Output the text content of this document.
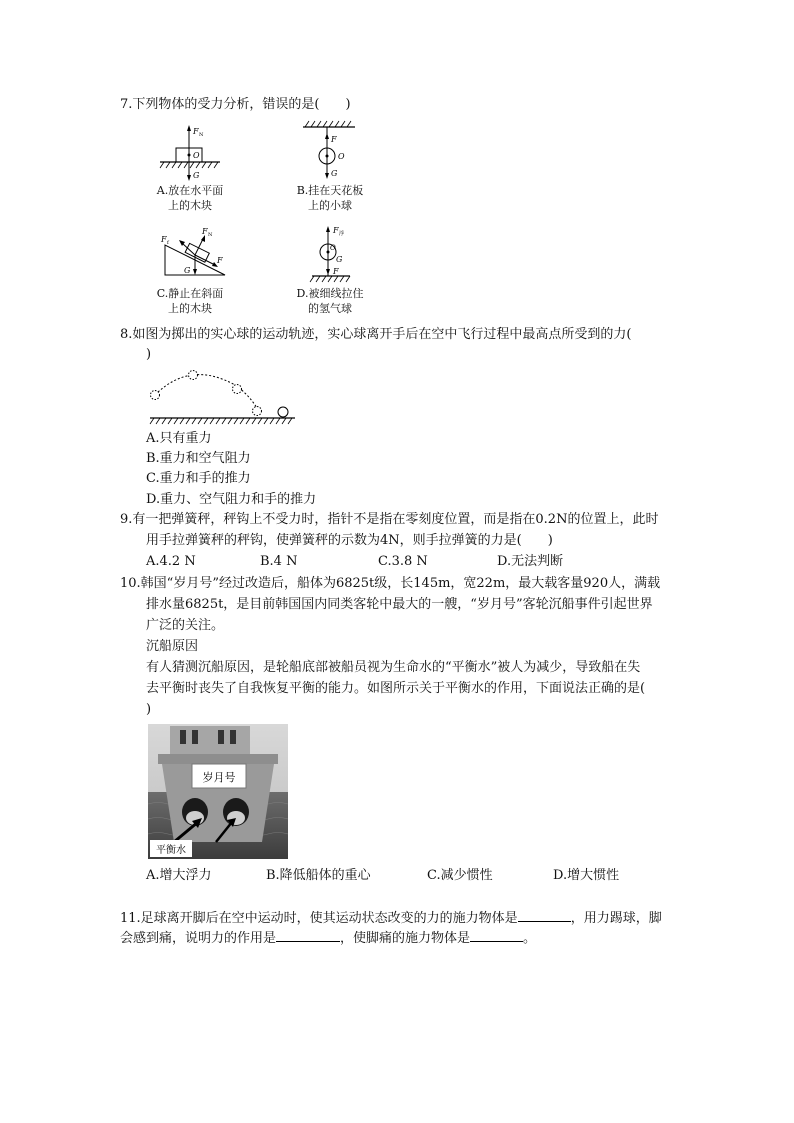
7.下列物体的受力分析，错误的是(　　)
F N
O
G
A.放在水平面
上的木块
F
O
G
B.挂在天花板
上的小球
F f
F N
G
F
C.静止在斜面
上的木块
F 浮
O
G
F
D.被细线拉住
的氢气球
8.如图为掷出的实心球的运动轨迹，实心球离开手后在空中飞行过程中最高点所受到的力(
)
A.只有重力
B.重力和空气阻力
C.重力和手的推力
D.重力、空气阻力和手的推力
9.有一把弹簧秤，秤钩上不受力时，指针不是指在零刻度位置，而是指在0.2N的位置上，此时
用手拉弹簧秤的秤钩，使弹簧秤的示数为4N，则手拉弹簧的力是(　　)
A.4.2 N	B.4 N	C.3.8 N	D.无法判断
10.韩国“岁月号”经过改造后，船体为6825t级，长145m，宽22m，最大载客量920人，满载
排水量6825t，是目前韩国国内同类客轮中最大的一艘，“岁月号”客轮沉船事件引起世界
广泛的关注。
沉船原因
有人猜测沉船原因，是轮船底部被船员视为生命水的“平衡水”被人为减少，导致船在失
去平衡时丧失了自我恢复平衡的能力。如图所示关于平衡水的作用，下面说法正确的是(
)
岁月号
平衡水
A.增大浮力	B.降低船体的重心	C.减少惯性	D.增大惯性
11.足球离开脚后在空中运动时，使其运动状态改变的力的施力物体是	，用力踢球，脚
会感到痛，说明力的作用是	，使脚痛的施力物体是	。
